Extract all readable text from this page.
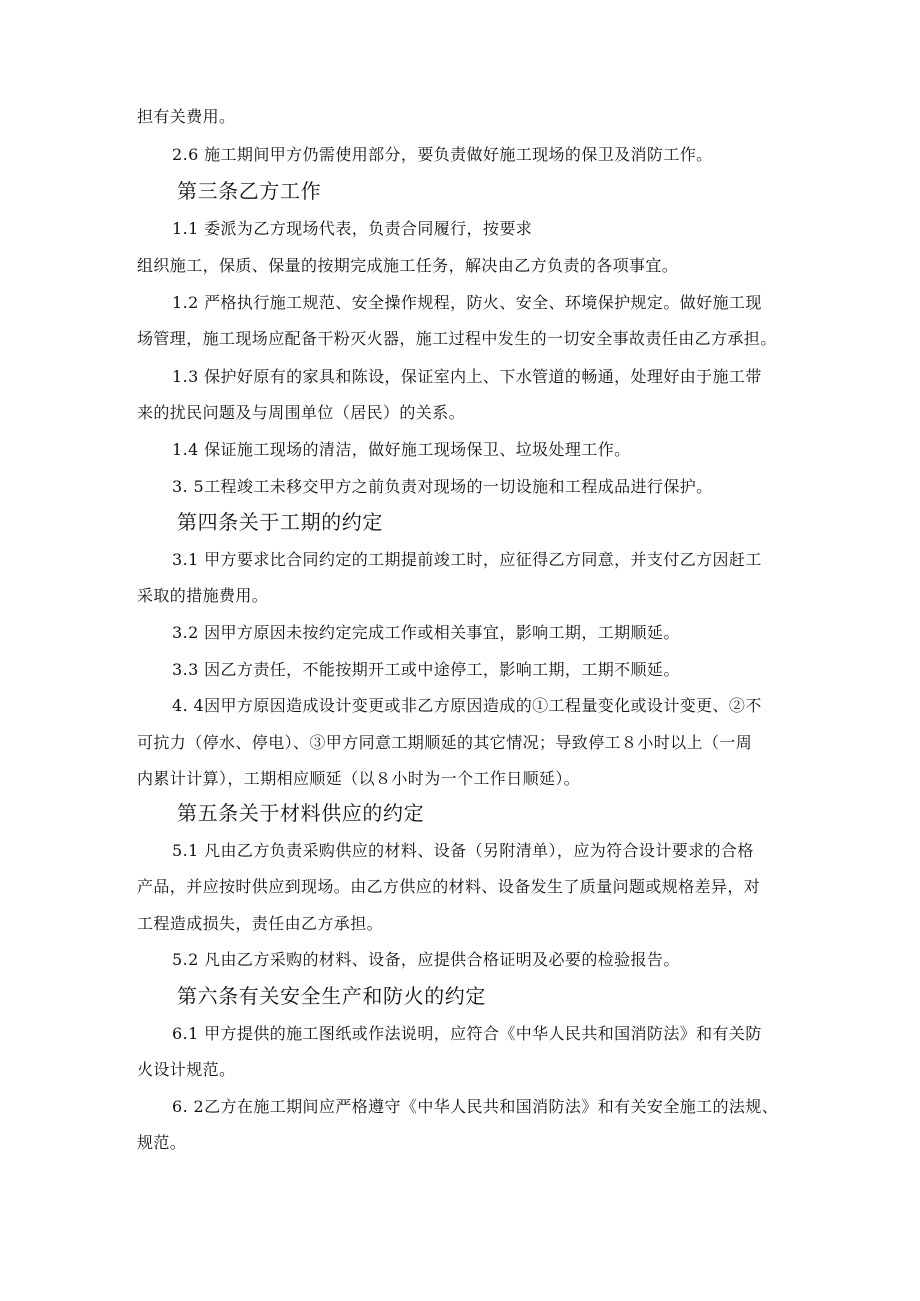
担有关费用。
2.6 施工期间甲方仍需使用部分，要负责做好施工现场的保卫及消防工作。
第三条乙方工作
1.1 委派为乙方现场代表，负责合同履行，按要求
组织施工，保质、保量的按期完成施工任务，解决由乙方负责的各项事宜。
1.2 严格执行施工规范、安全操作规程，防火、安全、环境保护规定。做好施工现
场管理，施工现场应配备干粉灭火器，施工过程中发生的一切安全事故责任由乙方承担。
1.3 保护好原有的家具和陈设，保证室内上、下水管道的畅通，处理好由于施工带
来的扰民问题及与周围单位（居民）的关系。
1.4 保证施工现场的清洁，做好施工现场保卫、垃圾处理工作。
3. 5工程竣工未移交甲方之前负责对现场的一切设施和工程成品进行保护。
第四条关于工期的约定
3.1 甲方要求比合同约定的工期提前竣工时，应征得乙方同意，并支付乙方因赶工
采取的措施费用。
3.2 因甲方原因未按约定完成工作或相关事宜，影响工期，工期顺延。
3.3 因乙方责任，不能按期开工或中途停工，影响工期，工期不顺延。
4. 4因甲方原因造成设计变更或非乙方原因造成的①工程量变化或设计变更、②不
可抗力（停水、停电）、③甲方同意工期顺延的其它情况；导致停工８小时以上（一周
内累计计算），工期相应顺延（以８小时为一个工作日顺延）。
第五条关于材料供应的约定
5.1 凡由乙方负责采购供应的材料、设备（另附清单），应为符合设计要求的合格
产品，并应按时供应到现场。由乙方供应的材料、设备发生了质量问题或规格差异，对
工程造成损失，责任由乙方承担。
5.2 凡由乙方采购的材料、设备，应提供合格证明及必要的检验报告。
第六条有关安全生产和防火的约定
6.1 甲方提供的施工图纸或作法说明，应符合《中华人民共和国消防法》和有关防
火设计规范。
6. 2乙方在施工期间应严格遵守《中华人民共和国消防法》和有关安全施工的法规、
规范。
